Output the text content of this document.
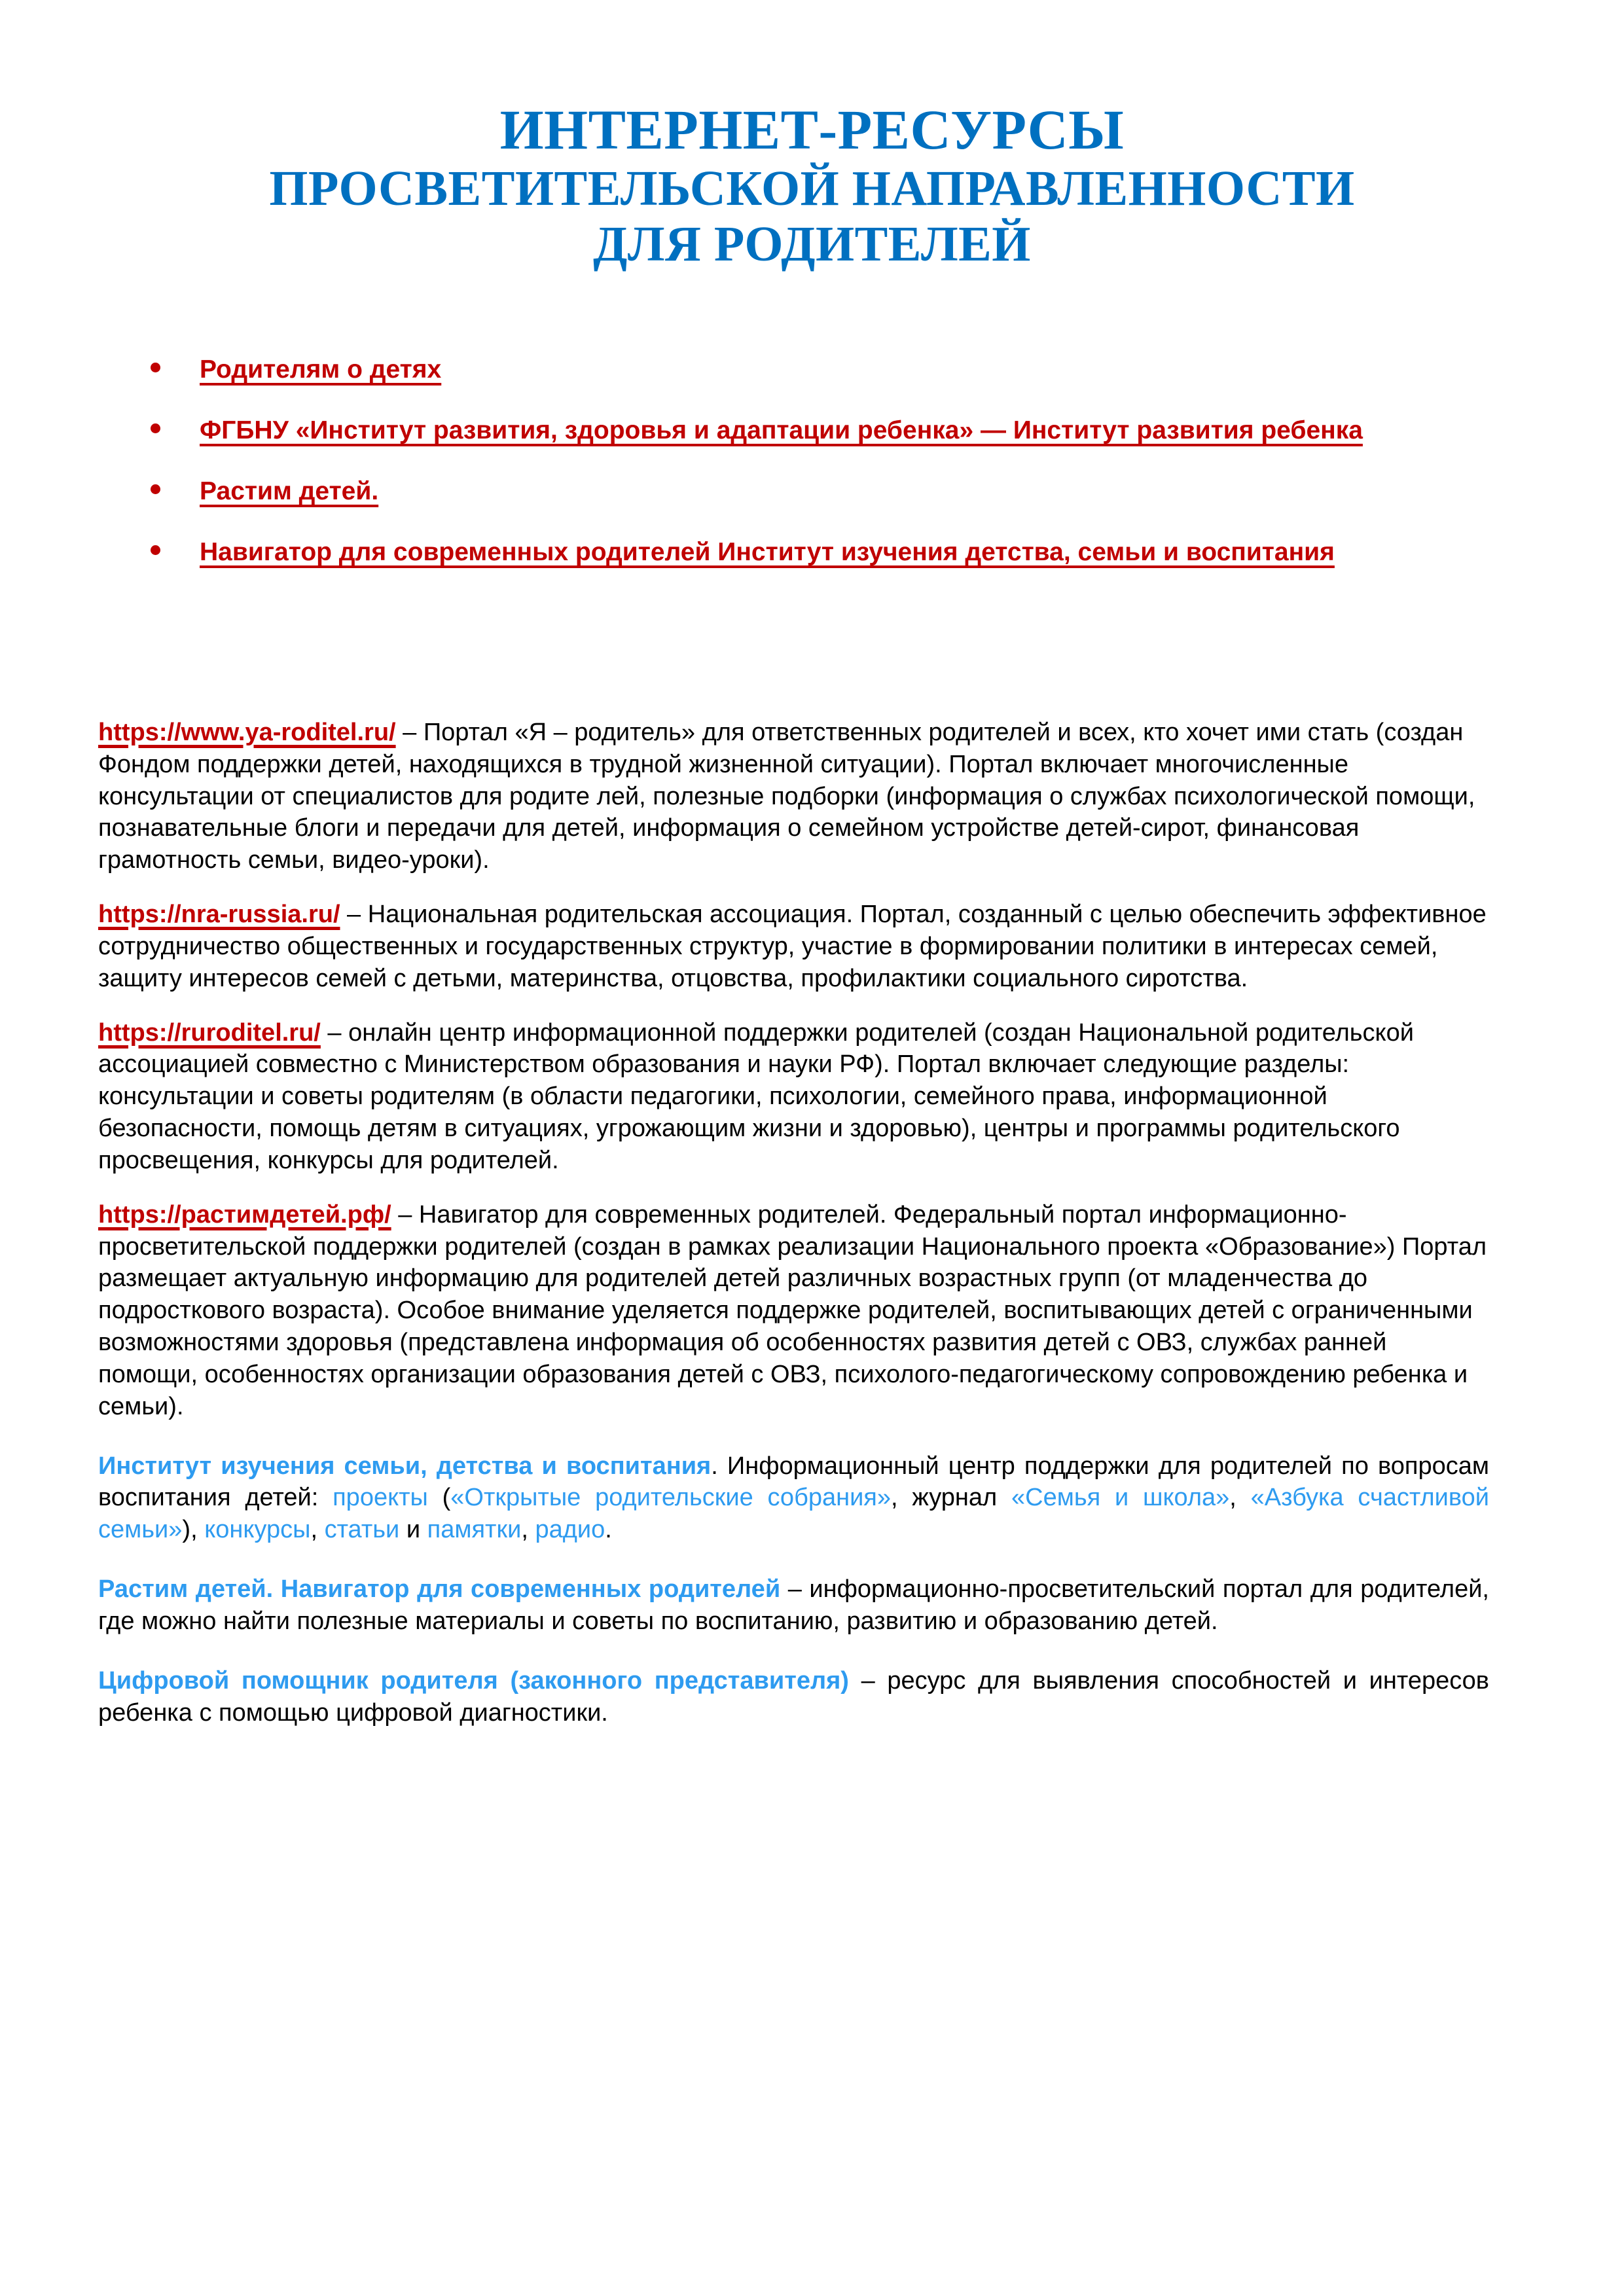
ИНТЕРНЕТ-РЕСУРСЫ
ПРОСВЕТИТЕЛЬСКОЙ НАПРАВЛЕННОСТИ
ДЛЯ РОДИТЕЛЕЙ
Родителям о детях
ФГБНУ «Институт развития, здоровья и адаптации ребенка» — Институт развития ребенка
Растим детей.
Навигатор для современных родителей Институт изучения детства, семьи и воспитания

https://www.ya-roditel.ru/ – Портал «Я – родитель» для ответственных родителей и всех, кто хочет ими стать (создан Фондом поддержки детей, находящихся в трудной жизненной ситуации). Портал включает многочисленные консультации от специалистов для родите лей, полезные подборки (информация о службах психологической помощи, познавательные блоги и передачи для детей, информация о семейном устройстве детей-сирот, финансовая грамотность семьи, видео-уроки).

https://nra-russia.ru/ – Национальная родительская ассоциация. Портал, созданный с целью обеспечить эффективное сотрудничество общественных и государственных структур, участие в формировании политики в интересах семей, защиту интересов семей с детьми, материнства, отцовства, профилактики социального сиротства.

https://ruroditel.ru/ – онлайн центр информационной поддержки родителей (создан Национальной родительской ассоциацией совместно с Министерством образования и науки РФ). Портал включает следующие разделы: консультации и советы родителям (в области педагогики, психологии, семейного права, информационной безопасности, помощь детям в ситуациях, угрожающим жизни и здоровью), центры и программы родительского просвещения, конкурсы для родителей.

https://растимдетей.рф/ – Навигатор для современных родителей. Федеральный портал информационно-просветительской поддержки родителей (создан в рамках реализации Национального проекта «Образование») Портал размещает актуальную информацию для родителей детей различных возрастных групп (от младенчества до подросткового возраста). Особое внимание уделяется поддержке родителей, воспитывающих детей с ограниченными возможностями здоровья (представлена информация об особенностях развития детей с ОВЗ, службах ранней помощи, особенностях организации образования детей с ОВЗ, психолого-педагогическому сопровождению ребенка и семьи).

Институт изучения семьи, детства и воспитания. Информационный центр поддержки для родителей по вопросам воспитания детей: проекты («Открытые родительские собрания», журнал «Семья и школа», «Азбука счастливой семьи»), конкурсы, статьи и памятки, радио.

Растим детей. Навигатор для современных родителей – информационно-просветительский портал для родителей, где можно найти полезные материалы и советы по воспитанию, развитию и образованию детей.

Цифровой помощник родителя (законного представителя) – ресурс для выявления способностей и интересов ребенка с помощью цифровой диагностики.
